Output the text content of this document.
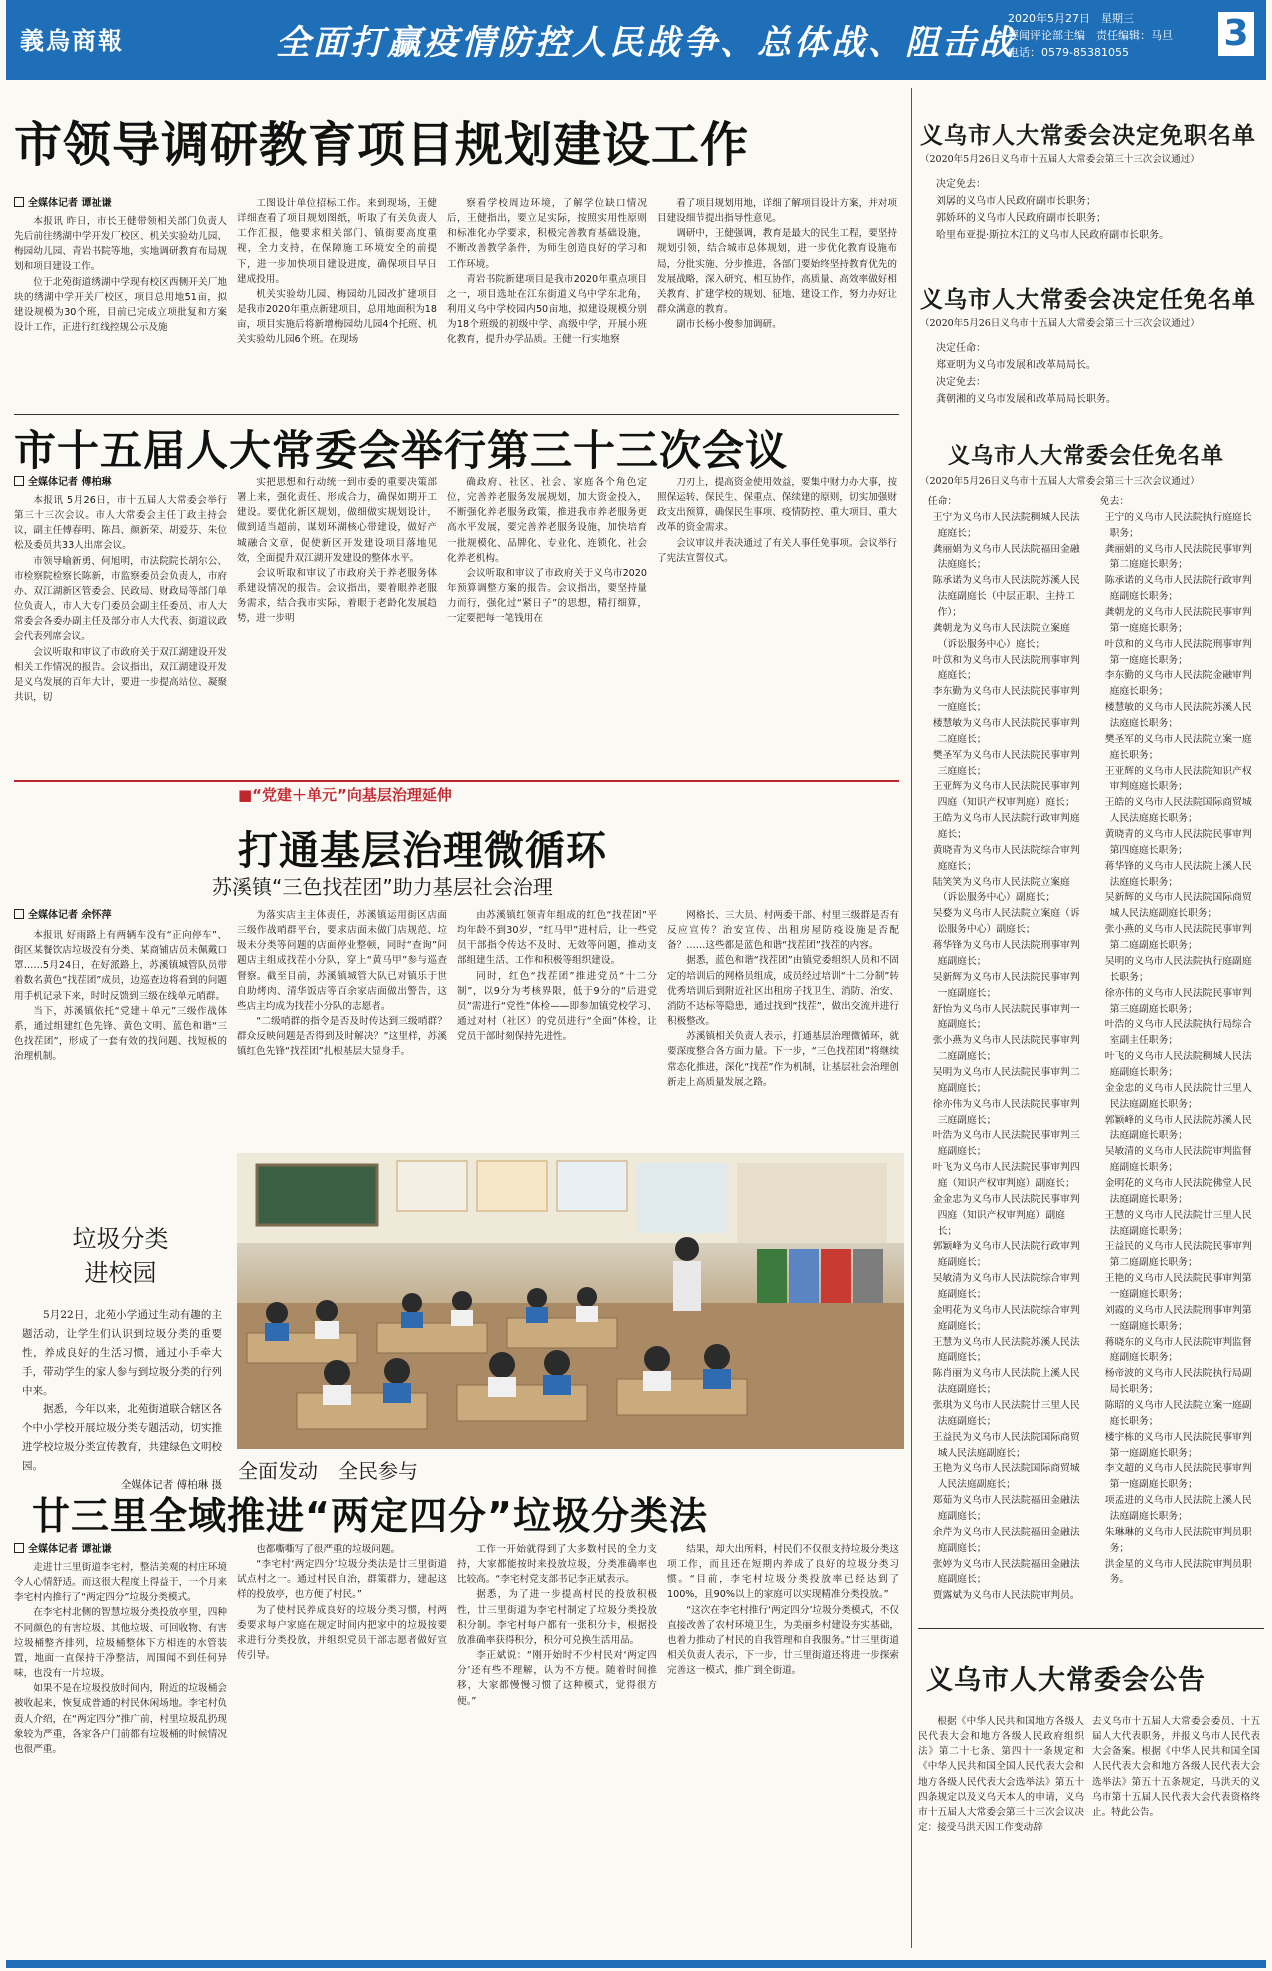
義烏商報	全面打赢疫情防控人民战争、总体战、阻击战
2020年5月27日　星期三
要闻评论部主编　责任编辑：马旦
电话：0579-85381055	3
市领导调研教育项目规划建设工作
全媒体记者 谭祉谦

本报讯 昨日，市长王健带领相关部门负责人先后前往绣湖中学开发厂校区、机关实验幼儿园、梅园幼儿园、青岩书院等地，实地调研教育布局规划和项目建设工作。

位于北苑街道绣湖中学现有校区西侧开关厂地块的绣湖中学开关厂校区，项目总用地51亩，拟建设规模为30个班，目前已完成立项批复和方案设计工作，正进行红线控规公示及施

工图设计单位招标工作。来到现场，王健详细查看了项目规划图纸，听取了有关负责人工作汇报，他要求相关部门、镇街要高度重视，全力支持，在保障施工环境安全的前提下，进一步加快项目建设进度，确保项目早日建成投用。

机关实验幼儿园、梅园幼儿园改扩建项目是我市2020年重点新建项目，总用地面积为18亩，项目实施后将新增梅园幼儿园4个托班、机关实验幼儿园6个班。在现场

察看学校周边环境，了解学位缺口情况后，王健指出，要立足实际，按照实用性原则和标准化办学要求，积极完善教育基础设施，不断改善教学条件，为师生创造良好的学习和工作环境。

青岩书院新建项目是我市2020年重点项目之一，项目选址在江东街道义乌中学东北角，利用义乌中学校园内50亩地，拟建设规模分别为18个班级的初级中学、高级中学，开展小班化教育，提升办学品质。王健一行实地察

看了项目规划用地，详细了解项目设计方案，并对项目建设细节提出指导性意见。

调研中，王健强调，教育是最大的民生工程，要坚持规划引领，结合城市总体规划，进一步优化教育设施布局，分批实施、分步推进，各部门要始终坚持教育优先的发展战略，深入研究、相互协作，高质量、高效率做好相关教育、扩建学校的规划、征地、建设工作，努力办好让群众满意的教育。

副市长杨小俊参加调研。

市十五届人大常委会举行第三十三次会议
全媒体记者 傅柏琳

本报讯 5月26日，市十五届人大常委会举行第三十三次会议。市人大常委会主任丁政主持会议，副主任傅春明、陈昌、颜新荣、胡爱芬、朱位松及委员共33人出席会议。

市领导喻新勇、何旭明，市法院院长胡尔公、市检察院检察长陈新，市监察委员会负责人，市府办、双江湖新区管委会、民政局、财政局等部门单位负责人，市人大专门委员会副主任委员、市人大常委会各委办副主任及部分市人大代表、街道议政会代表列席会议。

会议听取和审议了市政府关于双江湖建设开发相关工作情况的报告。会议指出，双江湖建设开发是义乌发展的百年大计，要进一步提高站位、凝聚共识，切

实把思想和行动统一到市委的重要决策部署上来，强化责任、形成合力，确保如期开工建设。要优化新区规划，做细做实规划设计，做到适当超前，谋划环湖核心带建设，做好产城融合文章，促使新区开发建设项目落地见效，全面提升双江湖开发建设的整体水平。

会议听取和审议了市政府关于养老服务体系建设情况的报告。会议指出，要着眼养老服务需求，结合我市实际，着眼于老龄化发展趋势，进一步明

确政府、社区、社会、家庭各个角色定位，完善养老服务发展规划，加大资金投入，不断强化养老服务政策，推进我市养老服务更高水平发展，要完善养老服务设施，加快培育一批规模化、品牌化、专业化、连锁化、社会化养老机构。

会议听取和审议了市政府关于义乌市2020年预算调整方案的报告。会议指出，要坚持量力而行，强化过“紧日子”的思想，精打细算，一定要把每一笔钱用在

刀刃上，提高资金使用效益，要集中财力办大事，按照保运转、保民生、保重点、保续建的原则，切实加强财政支出预算，确保民生事项、疫情防控、重大项目、重大改革的资金需求。

会议审议并表决通过了有关人事任免事项。会议举行了宪法宣誓仪式。

■“党建＋单元”向基层治理延伸
打通基层治理微循环
苏溪镇“三色找茬团”助力基层社会治理
全媒体记者 余怀萍

本报讯 好雨路上有两辆车没有“正向停车”、街区某餐饮店垃圾没有分类、某商铺店员未佩戴口罩……5月24日，在好派路上，苏溪镇城管队员带着数名黄色“找茬团”成员，边巡查边将看到的问题用手机记录下来，时时反馈到三级在线单元哨群。

当下，苏溪镇依托“党建＋单元”三级作战体系，通过组建红色先锋、黄色文明、蓝色和谐“三色找茬团”，形成了一套有效的找问题、找短板的治理机制。

为落实店主主体责任，苏溪镇运用街区店面三级作战哨群平台，要求店面未做门店规范、垃圾未分类等问题的店面停业整顿，同时“查询”问题店主组成找茬小分队，穿上“黄马甲”参与巡查督察。截至目前，苏溪镇城管大队已对镇乐于世自助烤肉、清华饭店等百余家店面做出警告，这些店主均成为找茬小分队的志愿者。

“二级哨群的指令是否及时传达到三级哨群？群众反映问题是否得到及时解决？”这里样，苏溪镇红色先锋“找茬团”扎根基层大显身手。

由苏溪镇红领青年组成的红色“找茬团”平均年龄不到30岁，“红马甲”进村后，让一些党员干部指令传达不及时、无效等问题，推动支部组建生活、工作和积极等组织建设。

同时，红色“找茬团”推进党员“十二分制”，以9分为考核界限，低于9分的“后进党员”需进行“党性”体检——即参加镇党校学习、通过对村（社区）的党员进行“全面”体检，让党员干部时刻保持先进性。

网格长、三大员、村两委干部、村里三级群是否有反应宣传？治安宣传、出租房屋防疫设施是否配备？……这些都是蓝色和谐“找茬团”找茬的内容。

据悉，蓝色和谐“找茬团”由镇党委组织人员和不固定的培训后的网格员组成，成员经过培训“十二分制”转优秀培训后到附近社区出租房子找卫生、消防、治安、消防不达标等隐患，通过找到“找茬”，做出交流并进行积极整改。

苏溪镇相关负责人表示，打通基层治理微循环，就要深度整合各方面力量。下一步，“三色找茬团”将继续常态化推进，深化“找茬”作为机制，让基层社会治理创新走上高质量发展之路。

垃圾分类
进校园
5月22日，北苑小学通过生动有趣的主题活动，让学生们认识到垃圾分类的重要性，养成良好的生活习惯，通过小手牵大手，带动学生的家人参与到垃圾分类的行列中来。
据悉，今年以来，北苑街道联合辖区各个中小学校开展垃圾分类专题活动，切实推进学校垃圾分类宣传教育，共建绿色文明校园。
全媒体记者 傅柏琳 摄
全面发动　全民参与
廿三里全域推进“两定四分”垃圾分类法
全媒体记者 谭祉谦

走进廿三里街道李宅村，整洁美观的村庄环境令人心情舒适。而这很大程度上得益于，一个月来李宅村内推行了“两定四分”垃圾分类模式。

在李宅村北侧的智慧垃圾分类投放亭里，四种不同颜色的有害垃圾、其他垃圾、可回收物、有害垃圾桶整齐排列，垃圾桶整体下方相连的水管装置，地面一直保持干净整洁，周围闻不到任何异味，也没有一片垃圾。

如果不是在垃圾投放时间内，附近的垃圾桶会被收起来，恢复成普通的村民休闲场地。李宅村负责人介绍，在“两定四分”推广前，村里垃圾乱扔现象较为严重，各家各户门前都有垃圾桶的时候情况也很严重。

也都嘶嘶写了很严重的垃圾问题。

“李宅村‘两定四分’垃圾分类法是廿三里街道试点村之一。通过村民自治，群策群力，建起这样的投放亭，也方便了村民。”

为了使村民养成良好的垃圾分类习惯，村两委要求每户家庭在规定时间内把家中的垃圾按要求进行分类投放，并组织党员干部志愿者做好宣传引导。

工作一开始就得到了大多数村民的全力支持，大家都能按时来投放垃圾，分类准确率也比较高。“李宅村党支部书记李正斌表示。

据悉，为了进一步提高村民的投放积极性，廿三里街道为李宅村制定了垃圾分类投放积分制。李宅村每户都有一张积分卡，根据投放准确率获得积分，积分可兑换生活用品。

李正斌说：“刚开始时不少村民对‘两定四分’还有些不理解，认为不方便。随着时间推移，大家都慢慢习惯了这种模式，觉得很方便。”

结果，却大出所料，村民们不仅很支持垃圾分类这项工作，而且还在短期内养成了良好的垃圾分类习惯。“目前，李宅村垃圾分类投放率已经达到了100%，且90%以上的家庭可以实现精准分类投放。”

“这次在李宅村推行‘两定四分’垃圾分类模式，不仅直接改善了农村环境卫生，为美丽乡村建设夯实基础，也着力推动了村民的自我管理和自我服务。”廿三里街道相关负责人表示，下一步，廿三里街道还将进一步探索完善这一模式，推广到全街道。

义乌市人大常委会决定免职名单
（2020年5月26日义乌市十五届人大常委会第三十三次会议通过）
决定免去：
刘孱的义乌市人民政府副市长职务；
郭娇环的义乌市人民政府副市长职务；
哈里布亚提·斯拉木江的义乌市人民政府副市长职务。
义乌市人大常委会决定任免名单
（2020年5月26日义乌市十五届人大常委会第三十三次会议通过）
决定任命：
郑亚明为义乌市发展和改革局局长。
决定免去：
龚朝湘的义乌市发展和改革局局长职务。
义乌市人大常委会任免名单
（2020年5月26日义乌市十五届人大常委会第三十三次会议通过）
任命：

王宁为义乌市人民法院稠城人民法庭庭长；

龚丽娟为义乌市人民法院福田金融法庭庭长；

陈承诺为义乌市人民法院苏溪人民法庭副庭长（中层正职、主持工作）；

龚朝龙为义乌市人民法院立案庭（诉讼服务中心）庭长；

叶苡和为义乌市人民法院刑事审判庭庭长；

李东勤为义乌市人民法院民事审判一庭庭长；

楼慧敏为义乌市人民法院民事审判二庭庭长；

樊圣军为义乌市人民法院民事审判三庭庭长；

王亚辉为义乌市人民法院民事审判四庭（知识产权审判庭）庭长；

王皓为义乌市人民法院行政审判庭庭长；

黄晓青为义乌市人民法院综合审判庭庭长；

陆笑笑为义乌市人民法院立案庭（诉讼服务中心）副庭长；

吴婺为义乌市人民法院立案庭（诉讼服务中心）副庭长；

蒋华锋为义乌市人民法院刑事审判庭副庭长；

吴新辉为义乌市人民法院民事审判一庭副庭长；

舒怡为义乌市人民法院民事审判一庭副庭长；

张小燕为义乌市人民法院民事审判二庭副庭长；

吴明为义乌市人民法院民事审判二庭副庭长；

徐亦伟为义乌市人民法院民事审判三庭副庭长；

叶浩为义乌市人民法院民事审判三庭副庭长；

叶飞为义乌市人民法院民事审判四庭（知识产权审判庭）副庭长；

金金忠为义乌市人民法院民事审判四庭（知识产权审判庭）副庭长；

郭颖峰为义乌市人民法院行政审判庭副庭长；

吴敏清为义乌市人民法院综合审判庭副庭长；

金明花为义乌市人民法院综合审判庭副庭长；

王慧为义乌市人民法院苏溪人民法庭副庭长；

陈肖丽为义乌市人民法院上溪人民法庭副庭长；

张琪为义乌市人民法院廿三里人民法庭副庭长；

王益民为义乌市人民法院国际商贸城人民法庭副庭长；

王艳为义乌市人民法院国际商贸城人民法庭副庭长；

郑茹为义乌市人民法院福田金融法庭副庭长；

余芹为义乌市人民法院福田金融法庭副庭长；

张婷为义乌市人民法院福田金融法庭副庭长；

贾露斌为义乌市人民法院审判员。

免去：

王宁的义乌市人民法院执行庭庭长职务；

龚丽娟的义乌市人民法院民事审判第二庭庭长职务；

陈承诺的义乌市人民法院行政审判庭副庭长职务；

龚朝龙的义乌市人民法院民事审判第一庭庭长职务；

叶苡和的义乌市人民法院刑事审判第一庭庭长职务；

李东勤的义乌市人民法院金融审判庭庭长职务；

楼慧敏的义乌市人民法院苏溪人民法庭庭长职务；

樊圣军的义乌市人民法院立案一庭庭长职务；

王亚辉的义乌市人民法院知识产权审判庭庭长职务；

王皓的义乌市人民法院国际商贸城人民法庭庭长职务；

黄晓青的义乌市人民法院民事审判第四庭庭长职务；

蒋华锋的义乌市人民法院上溪人民法庭庭长职务；

吴新辉的义乌市人民法院国际商贸城人民法庭副庭长职务；

张小燕的义乌市人民法院民事审判第二庭副庭长职务；

吴明的义乌市人民法院执行庭副庭长职务；

徐亦伟的义乌市人民法院民事审判第三庭副庭长职务；

叶浩的义乌市人民法院执行局综合室副主任职务；

叶飞的义乌市人民法院稠城人民法庭副庭长职务；

金金忠的义乌市人民法院廿三里人民法庭副庭长职务；

郭颖峰的义乌市人民法院苏溪人民法庭副庭长职务；

吴敏清的义乌市人民法院审判监督庭副庭长职务；

金明花的义乌市人民法院佛堂人民法庭副庭长职务；

王慧的义乌市人民法院廿三里人民法庭副庭长职务；

王益民的义乌市人民法院民事审判第二庭副庭长职务；

王艳的义乌市人民法院民事审判第一庭副庭长职务；

刘霞的义乌市人民法院刑事审判第一庭副庭长职务；

蒋晓东的义乌市人民法院审判监督庭副庭长职务；

杨帝波的义乌市人民法院执行局副局长职务；

陈昭的义乌市人民法院立案一庭副庭长职务；

楼宇栋的义乌市人民法院民事审判第一庭副庭长职务；

李文超的义乌市人民法院民事审判第一庭副庭长职务；

项孟进的义乌市人民法院上溪人民法庭副庭长职务；

朱琳琳的义乌市人民法院审判员职务；

洪金星的义乌市人民法院审判员职务。

义乌市人大常委会公告
根据《中华人民共和国地方各级人民代表大会和地方各级人民政府组织法》第二十七条、第四十一条规定和《中华人民共和国全国人民代表大会和地方各级人民代表大会选举法》第五十四条规定以及义乌天本人的申请，义乌市十五届人大常委会第三十三次会议决定：接受马洪天因工作变动辞
去义乌市十五届人大常委会委员、十五届人大代表职务，并报义乌市人民代表大会备案。根据《中华人民共和国全国人民代表大会和地方各级人民代表大会选举法》第五十五条规定，马洪天的义乌市第十五届人民代表大会代表资格终止。特此公告。
